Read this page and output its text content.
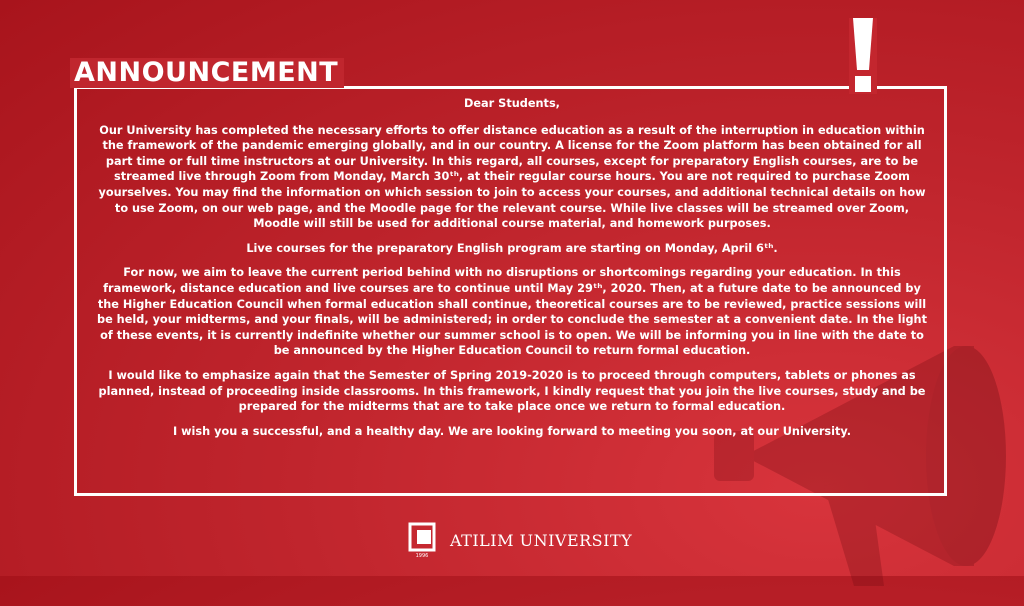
ANNOUNCEMENT

Dear Students,

Our University has completed the necessary efforts to offer distance education as a result of the interruption in education within the framework of the pandemic emerging globally, and in our country. A license for the Zoom platform has been obtained for all part time or full time instructors at our University. In this regard, all courses, except for preparatory English courses, are to be streamed live through Zoom from Monday, March 30ᵗʰ, at their regular course hours. You are not required to purchase Zoom yourselves. You may find the information on which session to join to access your courses, and additional technical details on how to use Zoom, on our web page, and the Moodle page for the relevant course. While live classes will be streamed over Zoom, Moodle will still be used for additional course material, and homework purposes.

Live courses for the preparatory English program are starting on Monday, April 6ᵗʰ.

For now, we aim to leave the current period behind with no disruptions or shortcomings regarding your education. In this framework, distance education and live courses are to continue until May 29ᵗʰ, 2020. Then, at a future date to be announced by the Higher Education Council when formal education shall continue, theoretical courses are to be reviewed, practice sessions will be held, your midterms, and your finals, will be administered; in order to conclude the semester at a convenient date. In the light of these events, it is currently indefinite whether our summer school is to open. We will be informing you in line with the date to be announced by the Higher Education Council to return formal education.

I would like to emphasize again that the Semester of Spring 2019-2020 is to proceed through computers, tablets or phones as planned, instead of proceeding inside classrooms. In this framework, I kindly request that you join the live courses, study and be prepared for the midterms that are to take place once we return to formal education.

I wish you a successful, and a healthy day. We are looking forward to meeting you soon, at our University.

1996
ATILIM UNIVERSITY
